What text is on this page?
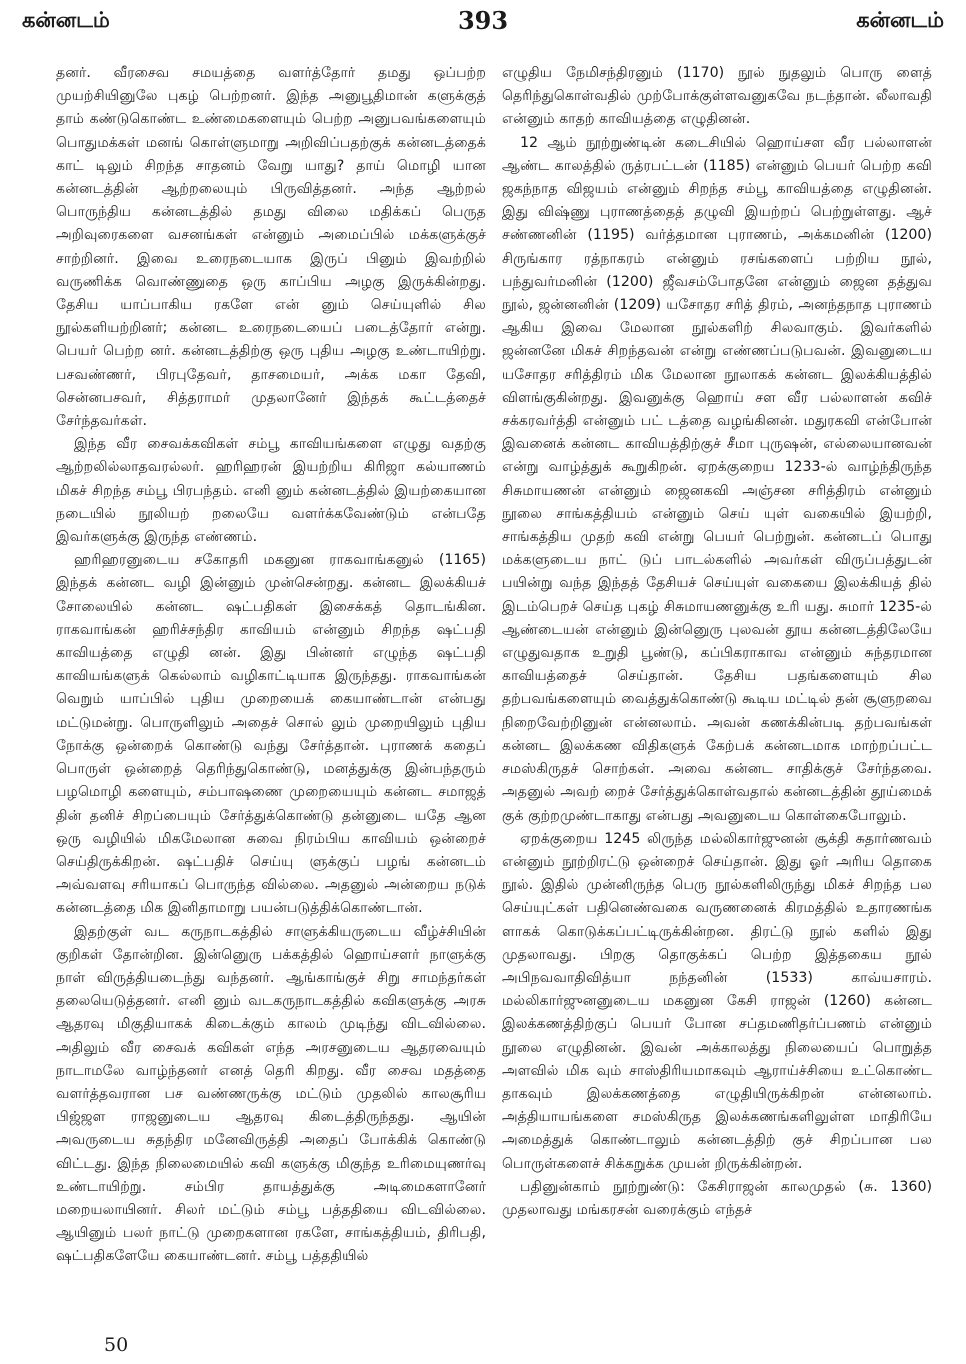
கன்னடம்	393	கன்னடம்

தனர். வீரசைவ சமயத்தை வளர்த்தோர் தமது ஒப்பற்ற முயற்சியினுலே புகழ் பெற்றனர். இந்த அனுபூதிமான் களுக்குத் தாம் கண்டுகொண்ட உண்மைகளையும் பெற்ற அனுபவங்களையும் பொதுமக்கள் மனங் கொள்ளுமாறு அறிவிப்பதற்குக் கன்னடத்தைக் காட் டிலும் சிறந்த சாதனம் வேறு யாது? தாய் மொழி யான கன்னடத்தின் ஆற்றலையும் பிருவித்தனர். அந்த ஆற்றல் பொருந்திய கன்னடத்தில் தமது விலை மதிக்கப் பெருத அறிவுரைகளை வசனங்கள் என்னும் அமைப்பில் மக்களுக்குச் சாற்றினர். இவை உரைநடையாக இருப் பினும் இவற்றில் வருணிக்க வொண்ணுதை ஒரு காப்பிய அழகு இருக்கின்றது. தேசிய யாப்பாகிய ரகளே என் னும் செய்யுளில் சில நூல்களியற்றினர்; கன்னட உரைநடையைப் படைத்தோர் என்று. பெயர் பெற்ற னர். கன்னடத்திற்கு ஒரு புதிய அழகு உண்டாயிற்று. பசவண்ணர், பிரபுதேவர், தாசமையர், அக்க மகா தேவி, சென்னபசவர், சித்தராமர் முதலானேர் இந்தக் கூட்டத்தைச் சேர்ந்தவர்கள்.

இந்த வீர சைவக்கவிகள் சம்பூ காவியங்களை எழுது வதற்கு ஆற்றலில்லாதவரல்லர். ஹரிஹரன் இயற்றிய கிரிஜா கல்யாணம் மிகச் சிறந்த சம்பூ பிரபந்தம். எனி னும் கன்னடத்தில் இயற்கையான நடையில் நூலியற் றலையே வளர்க்கவேண்டும் என்பதே இவர்களுக்கு இருந்த எண்ணம்.

ஹரிஹரனுடைய சகோதரி மகனுன ராகவாங்கனுல் (1165) இந்தக் கன்னட வழி இன்னும் முன்சென்றது. கன்னட இலக்கியச் சோலையில் கன்னட ஷட்பதிகள் இசைக்கத் தொடங்கின. ராகவாங்கன் ஹரிச்சந்திர காவியம் என்னும் சிறந்த ஷட்பதி காவியத்தை எழுதி னன். இது பின்னர் எழுந்த ஷட்பதி காவியங்களுக் கெல்லாம் வழிகாட்டியாக இருந்தது. ராகவாங்கன் வெறும் யாப்பில் புதிய முறையைக் கையாண்டான் என்பது மட்டுமன்று. பொருளிலும் அதைச் சொல் லும் முறையிலும் புதிய நோக்கு ஒன்றைக் கொண்டு வந்து சேர்த்தான். புராணக் கதைப் பொருள் ஒன்றைத் தெரிந்துகொண்டு, மனத்துக்கு இன்பந்தரும் பழமொழி களையும், சம்பாஷணை முறையையும் கன்னட சமாஜத் தின் தனிச் சிறப்பையும் சேர்த்துக்கொண்டு தன்னுடை யதே ஆன ஒரு வழியில் மிகமேலான சுவை நிரம்பிய காவியம் ஒன்றைச் செய்திருக்கிறன். ஷட்பதிச் செய்யு ளுக்குப் பழங் கன்னடம் அவ்வளவு சரியாகப் பொருந்த வில்லை. அதனுல் அன்றைய நடுக் கன்னடத்தை மிக இனிதாமாறு பயன்படுத்திக்கொண்டான்.

இதற்குள் வட கருநாடகத்தில் சாளுக்கியருடைய வீழ்ச்சியின் குறிகள் தோன்றின. இன்னுெரு பக்கத்தில் ஹொய்சளர் நாளுக்கு நாள் விருத்தியடைந்து வந்தனர். ஆங்காங்குச் சிறு சாமந்தர்கள் தலையெடுத்தனர். எனி னும் வடகருநாடகத்தில் கவிகளுக்கு அரசு ஆதரவு மிகுதியாகக் கிடைக்கும் காலம் முடிந்து விடவில்லை. அதிலும் வீர சைவக் கவிகள் எந்த அரசனுடைய ஆதரவையும் நாடாமலே வாழ்ந்தனர் எனத் தெரி கிறது. வீர சைவ மதத்தை வளர்த்தவரான பச வண்ணருக்கு மட்டும் முதலில் காலசூரிய பிஜ்ஜள ராஜனுடைய ஆதரவு கிடைத்திருந்தது. ஆயின் அவருடைய சுதந்திர மனேவிருத்தி அதைப் போக்கிக் கொண்டு விட்டது. இந்த நிலைமையில் கவி களுக்கு மிகுந்த உரிமையுணர்வு உண்டாயிற்று. சம்பிர தாயத்துக்கு அடிமைகளானேர் மறையலாயினர். சிலர் மட்டும் சம்பூ பத்ததியை விடவில்லை. ஆயினும் பலர் நாட்டு முறைகளான ரகளே, சாங்கத்தியம், திரிபதி, ஷட்பதிகளேயே கையாண்டனர். சம்பூ பத்ததியில்

எழுதிய நேமிசந்திரனும் (1170) நூல் நுதலும் பொரு ளைத் தெரிந்துகொள்வதில் முற்போக்குள்ளவனுகவே நடந்தான். லீலாவதி என்னும் காதற் காவியத்தை எழுதினன்.

12 ஆம் நூற்றுண்டின் கடைசியில் ஹொய்சள வீர பல்லாளன் ஆண்ட காலத்தில் ருத்ரபட்டன் (1185) என்னும் பெயர் பெற்ற கவி ஜகந்நாத விஜயம் என்னும் சிறந்த சம்பூ காவியத்தை எழுதினன். இது விஷ்ணு புராணத்தைத் தழுவி இயற்றப் பெற்றுள்ளது. ஆச் சண்ணனின் (1195) வர்த்தமான புராணம், அக்கமனின் (1200) சிருங்கார ரத்நாகரம் என்னும் ரசங்களைப் பற்றிய நூல், பந்துவர்மனின் (1200) ஜீவசம்போதனே என்னும் ஜைன தத்துவ நூல், ஜன்னனின் (1209) யசோதர சரித் திரம், அனந்தநாத புராணம் ஆகிய இவை மேலான நூல்களிற் சிலவாகும். இவர்களில் ஜன்னனே மிகச் சிறந்தவன் என்று எண்ணப்படுபவன். இவனுடைய யசோதர சரித்திரம் மிக மேலான நூலாகக் கன்னட இலக்கியத்தில் விளங்குகின்றது. இவனுக்கு ஹொய் சள வீர பல்லாளன் கவிச் சக்கரவர்த்தி என்னும் பட் டத்தை வழங்கினன். மதுரகவி என்போன் இவனைக் கன்னட காவியத்திற்குச் சீமா புருஷன், எல்லையானவன் என்று வாழ்த்துக் கூறுகிறன். ஏறக்குறைய 1233-ல் வாழ்ந்திருந்த சிசுமாயணன் என்னும் ஜைனகவி அஞ்சன சரித்திரம் என்னும் நூலை சாங்கத்தியம் என்னும் செய் யுள் வகையில் இயற்றி, சாங்கத்திய முதற் கவி என்று பெயர் பெற்றுன். கன்னடப் பொது மக்களுடைய நாட் டுப் பாடல்களில் அவர்கள் விருப்பத்துடன் பயின்று வந்த இந்தத் தேசியச் செய்யுள் வகையை இலக்கியத் தில் இடம்பெறச் செய்த புகழ் சிசுமாயணனுக்கு உரி யது. சுமார் 1235-ல் ஆண்டையன் என்னும் இன்னுெரு புலவன் தூய கன்னடத்திலேயே எழுதுவதாக உறுதி பூண்டு, கப்பிகராகாவ என்னும் சுந்தரமான காவியத்தைச் செய்தான். தேசிய பதங்களையும் சில தற்பவங்களையும் வைத்துக்கொண்டு கூடிய மட்டில் தன் சூளுறவை நிறைவேற்றினுன் என்னலாம். அவன் கணக்கின்படி தற்பவங்கள் கன்னட இலக்கண விதிகளுக் கேற்பக் கன்னடமாக மாற்றப்பட்ட சமஸ்கிருதச் சொற்கள். அவை கன்னட சாதிக்குச் சேர்ந்தவை. அதனுல் அவற் றைச் சேர்த்துக்கொள்வதால் கன்னடத்தின் தூய்மைக் குக் குற்றமுண்டாகாது என்பது அவனுடைய கொள்கைபோலும்.

ஏறக்குறைய 1245 லிருந்த மல்லிகார்ஜுனன் சூக்தி சுதார்ணவம் என்னும் நூற்றிரட்டு ஒன்றைச் செய்தான். இது ஓர் அரிய தொகை நூல். இதில் முன்னிருந்த பெரு நூல்களிலிருந்து மிகச் சிறந்த பல செய்யுட்கள் பதினெண்வகை வருணனைக் கிரமத்தில் உதாரணங்க ளாகக் கொடுக்கப்பட்டிருக்கின்றன. திரட்டு நூல் களில் இது முதலாவது. பிறகு தொகுக்கப் பெற்ற இத்தகைய நூல் அபிநவவாதிவித்யா நந்தனின் (1533) காவ்யசாரம். மல்லிகார்ஜுனனுடைய மகனுன கேசி ராஜன் (1260) கன்னட இலக்கணத்திற்குப் பெயர் போன சப்தமணிதர்ப்பணம் என்னும் நூலை எழுதினன். இவன் அக்காலத்து நிலையைப் பொறுத்த அளவில் மிக வும் சாஸ்திரியமாகவும் ஆராய்ச்சியை உட்கொண்ட தாகவும் இலக்கணத்தை எழுதியிருக்கிறன் என்னலாம். அத்தியாயங்களை சமஸ்கிருத இலக்கணங்களிலுள்ள மாதிரியே அமைத்துக் கொண்டாலும் கன்னடத்திற் குச் சிறப்பான பல பொருள்களைச் சிக்கறுக்க முயன் றிருக்கின்றன்.

பதினுன்காம் நூற்றுண்டு: கேசிராஜன் காலமுதல் (சு. 1360) முதலாவது மங்கரசன் வரைக்கும் எந்தச்

50
